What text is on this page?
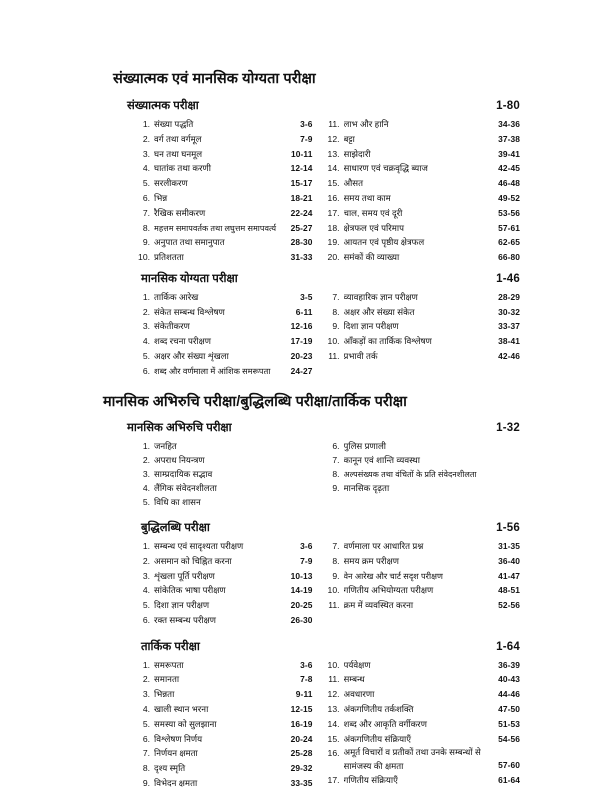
संख्यात्मक एवं मानसिक योग्यता परीक्षा
संख्यात्मक परीक्षा	1-80
1. संख्या पद्धति	3-6
2. वर्ग तथा वर्गमूल	7-9
3. घन तथा घनमूल	10-11
4. घातांक तथा करणी	12-14
5. सरलीकरण	15-17
6. भिन्न	18-21
7. रैखिक समीकरण	22-24
8. महत्तम समापवर्तक तथा लघुत्तम समापवर्त्य	25-27
9. अनुपात तथा समानुपात	28-30
10. प्रतिशतता	31-33
11. लाभ और हानि	34-36
12. बट्टा	37-38
13. साझेदारी	39-41
14. साधारण एवं चक्रवृद्धि ब्याज	42-45
15. औसत	46-48
16. समय तथा काम	49-52
17. चाल, समय एवं दूरी	53-56
18. क्षेत्रफल एवं परिमाप	57-61
19. आयतन एवं पृष्ठीय क्षेत्रफल	62-65
20. समंकों की व्याख्या	66-80
मानसिक योग्यता परीक्षा	1-46
1. तार्किक आरेख	3-5
2. संकेत सम्बन्ध विश्लेषण	6-11
3. संकेतीकरण	12-16
4. शब्द रचना परीक्षण	17-19
5. अक्षर और संख्या शृंखला	20-23
6. शब्द और वर्णमाला में आंशिक समरूपता	24-27
7. व्यावहारिक ज्ञान परीक्षण	28-29
8. अक्षर और संख्या संकेत	30-32
9. दिशा ज्ञान परीक्षण	33-37
10. आँकड़ों का तार्किक विश्लेषण	38-41
11. प्रभावी तर्क	42-46
मानसिक अभिरुचि परीक्षा/बुद्धिलब्धि परीक्षा/तार्किक परीक्षा
मानसिक अभिरुचि परीक्षा	1-32
1. जनहित
2. अपराध नियन्त्रण
3. साम्प्रदायिक सद्भाव
4. लैंगिक संवेदनशीलता
5. विधि का शासन
6. पुलिस प्रणाली
7. कानून एवं शान्ति व्यवस्था
8. अल्पसंख्यक तथा वंचितों के प्रति संवेदनशीलता
9. मानसिक दृढ़ता
बुद्धिलब्धि परीक्षा	1-56
1. सम्बन्ध एवं सादृश्यता परीक्षण	3-6
2. असमान को चिह्नित करना	7-9
3. शृंखला पूर्ति परीक्षण	10-13
4. सांकेतिक भाषा परीक्षण	14-19
5. दिशा ज्ञान परीक्षण	20-25
6. रक्त सम्बन्ध परीक्षण	26-30
7. वर्णमाला पर आधारित प्रश्न	31-35
8. समय क्रम परीक्षण	36-40
9. वेन आरेख और चार्ट सदृश परीक्षण	41-47
10. गणितीय अभियोग्यता परीक्षण	48-51
11. क्रम में व्यवस्थित करना	52-56
तार्किक परीक्षा	1-64
1. समरूपता	3-6
2. समानता	7-8
3. भिन्नता	9-11
4. खाली स्थान भरना	12-15
5. समस्या को सुलझाना	16-19
6. विश्लेषण निर्णय	20-24
7. निर्णयन क्षमता	25-28
8. दृश्य स्मृति	29-32
9. विभेदन क्षमता	33-35
10. पर्यवेक्षण	36-39
11. सम्बन्ध	40-43
12. अवधारणा	44-46
13. अंकगणितीय तर्कशक्ति	47-50
14. शब्द और आकृति वर्गीकरण	51-53
15. अंकगणितीय संक्रियाएँ	54-56
16. अमूर्त विचारों व प्रतीकों तथा उनके सम्बन्धों से सामंजस्य की क्षमता	57-60
17. गणितीय संक्रियाएँ	61-64
